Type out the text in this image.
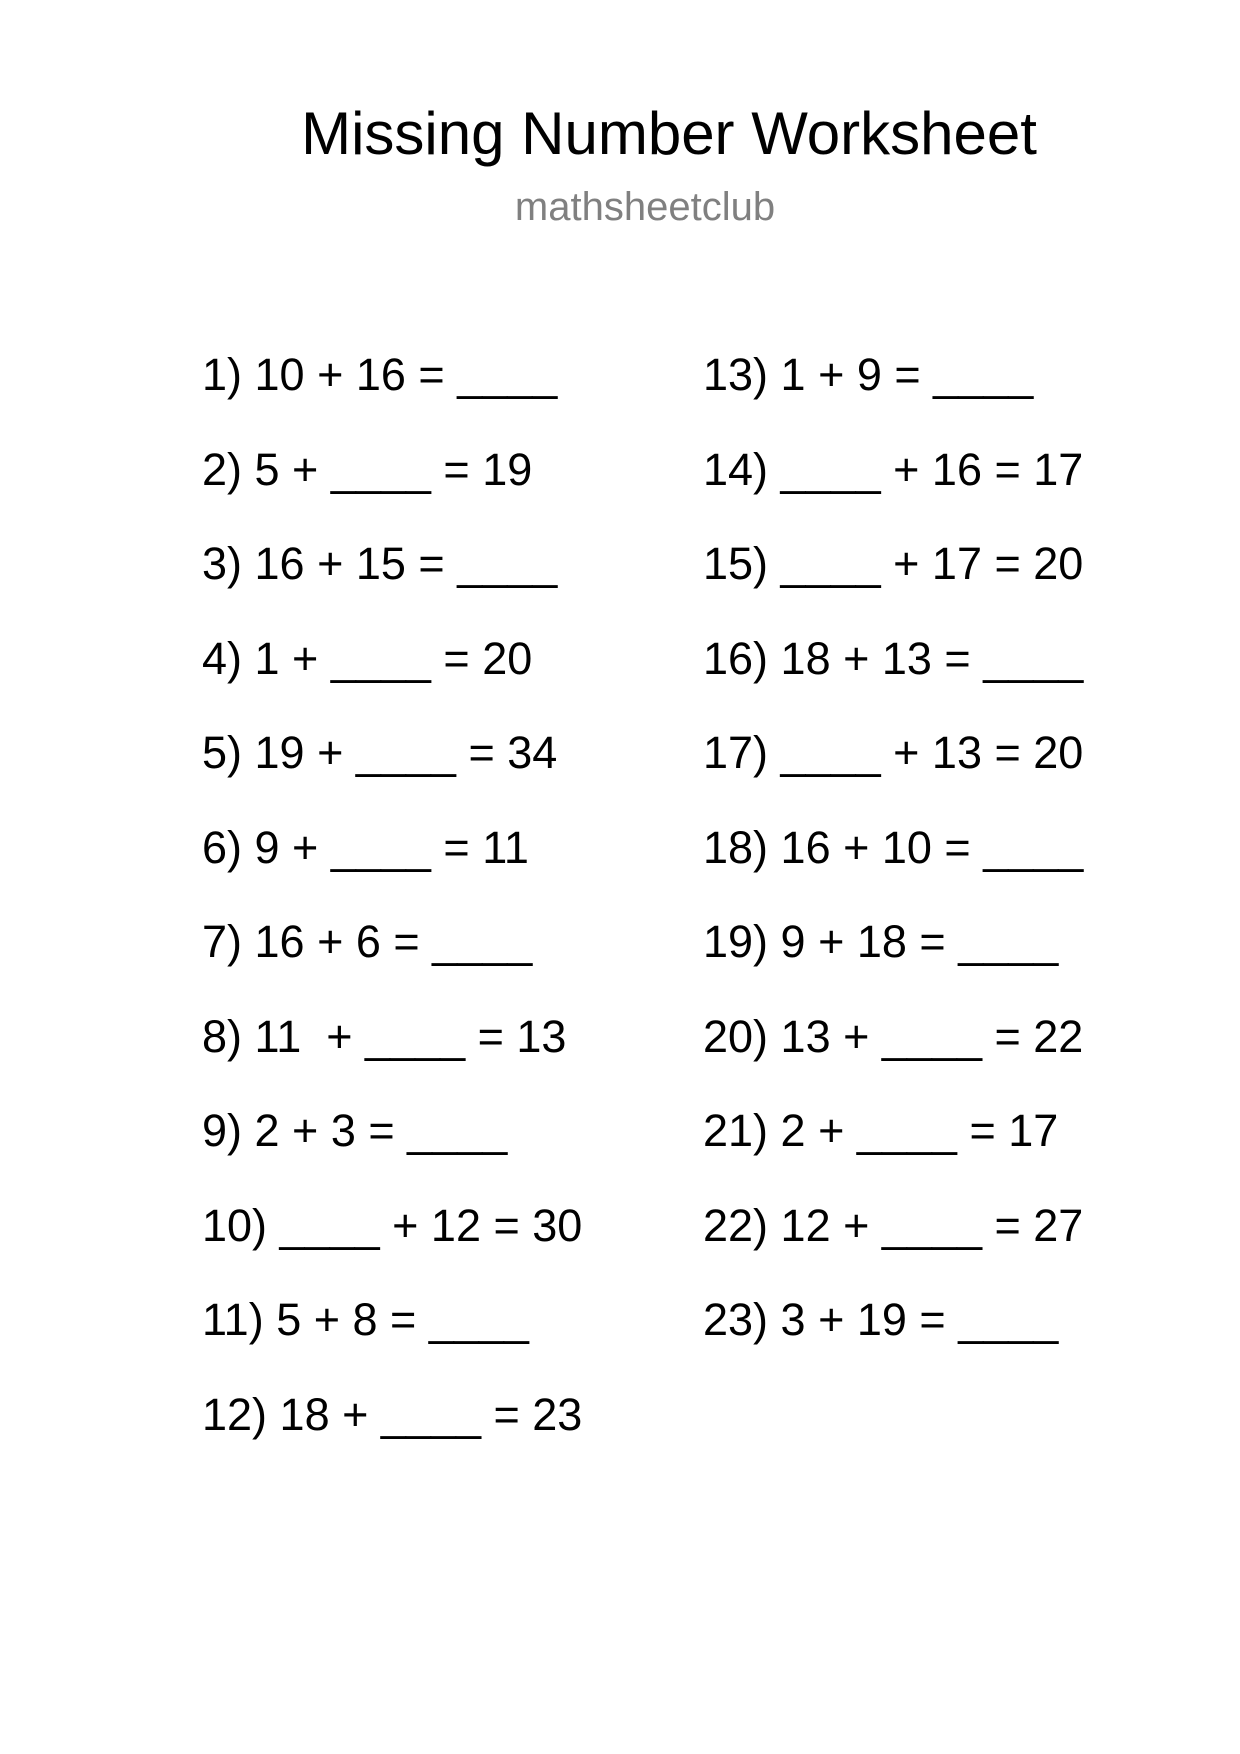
Missing Number Worksheet
mathsheetclub
1) 10 + 16 = ____
2) 5 + ____ = 19
3) 16 + 15 = ____
4) 1 + ____ = 20
5) 19 + ____ = 34
6) 9 + ____ = 11
7) 16 + 6 = ____
8) 11  + ____ = 13
9) 2 + 3 = ____
10) ____ + 12 = 30
11) 5 + 8 = ____
12) 18 + ____ = 23
13) 1 + 9 = ____
14) ____ + 16 = 17
15) ____ + 17 = 20
16) 18 + 13 = ____
17) ____ + 13 = 20
18) 16 + 10 = ____
19) 9 + 18 = ____
20) 13 + ____ = 22
21) 2 + ____ = 17
22) 12 + ____ = 27
23) 3 + 19 = ____
